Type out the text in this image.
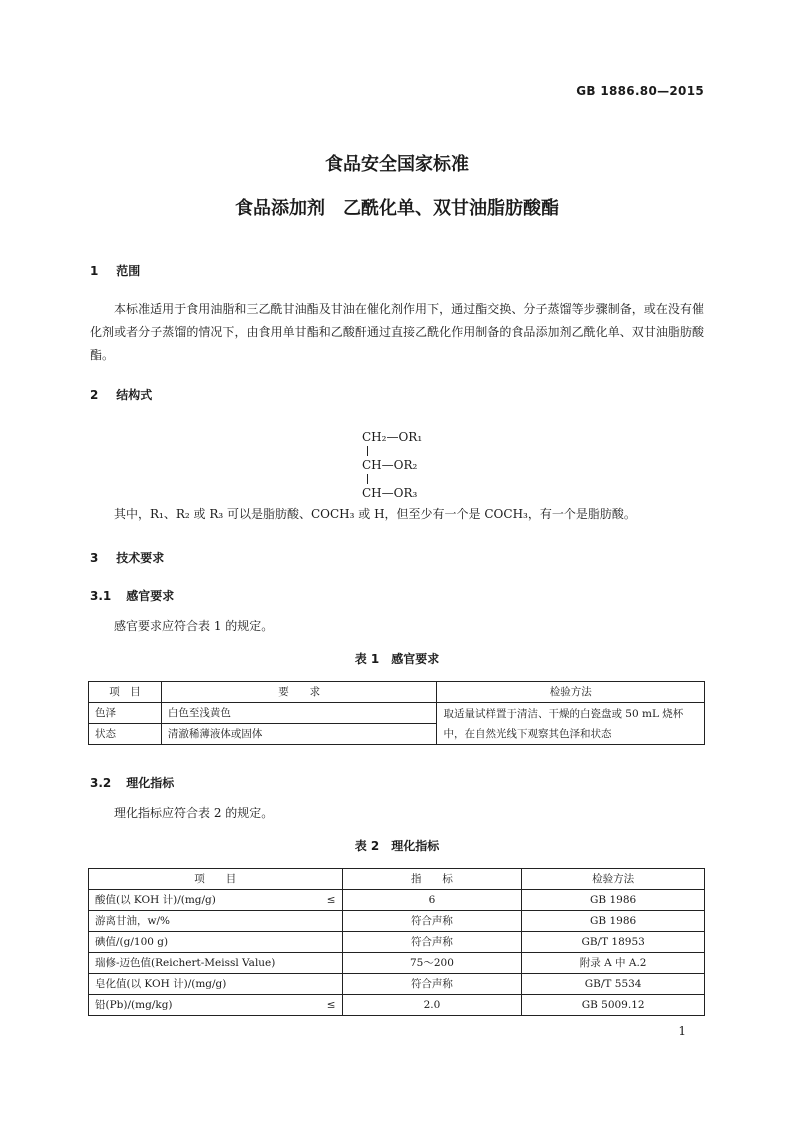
GB 1886.80—2015
食品安全国家标准
食品添加剂　乙酰化单、双甘油脂肪酸酯
1 范围
本标准适用于食用油脂和三乙酰甘油酯及甘油在催化剂作用下，通过酯交换、分子蒸馏等步骤制备，或在没有催化剂或者分子蒸馏的情况下，由食用单甘酯和乙酸酐通过直接乙酰化作用制备的食品添加剂乙酰化单、双甘油脂肪酸酯。
2 结构式
CH₂—OR₁
CH—OR₂
CH—OR₃
其中，R₁、R₂ 或 R₃ 可以是脂肪酸、COCH₃ 或 H，但至少有一个是 COCH₃，有一个是脂肪酸。
3 技术要求
3.1 感官要求
感官要求应符合表 1 的规定。
表 1　感官要求
项　目	要　　求	检验方法
色泽	白色至浅黄色	取适量试样置于清洁、干燥的白瓷盘或 50 mL 烧杯中，在自然光线下观察其色泽和状态
状态	清澈稀薄液体或固体	
3.2 理化指标
理化指标应符合表 2 的规定。
表 2　理化指标
项　　目	指　　标	检验方法
酸值(以 KOH 计)/(mg/g) ≤	6	GB 1986
游离甘油，w/%	符合声称	GB 1986
碘值/(g/100 g)	符合声称	GB/T 18953
瑞修-迈色值(Reichert-Meissl Value)	75～200	附录 A 中 A.2
皂化值(以 KOH 计)/(mg/g)	符合声称	GB/T 5534
铅(Pb)/(mg/kg) ≤	2.0	GB 5009.12
1
